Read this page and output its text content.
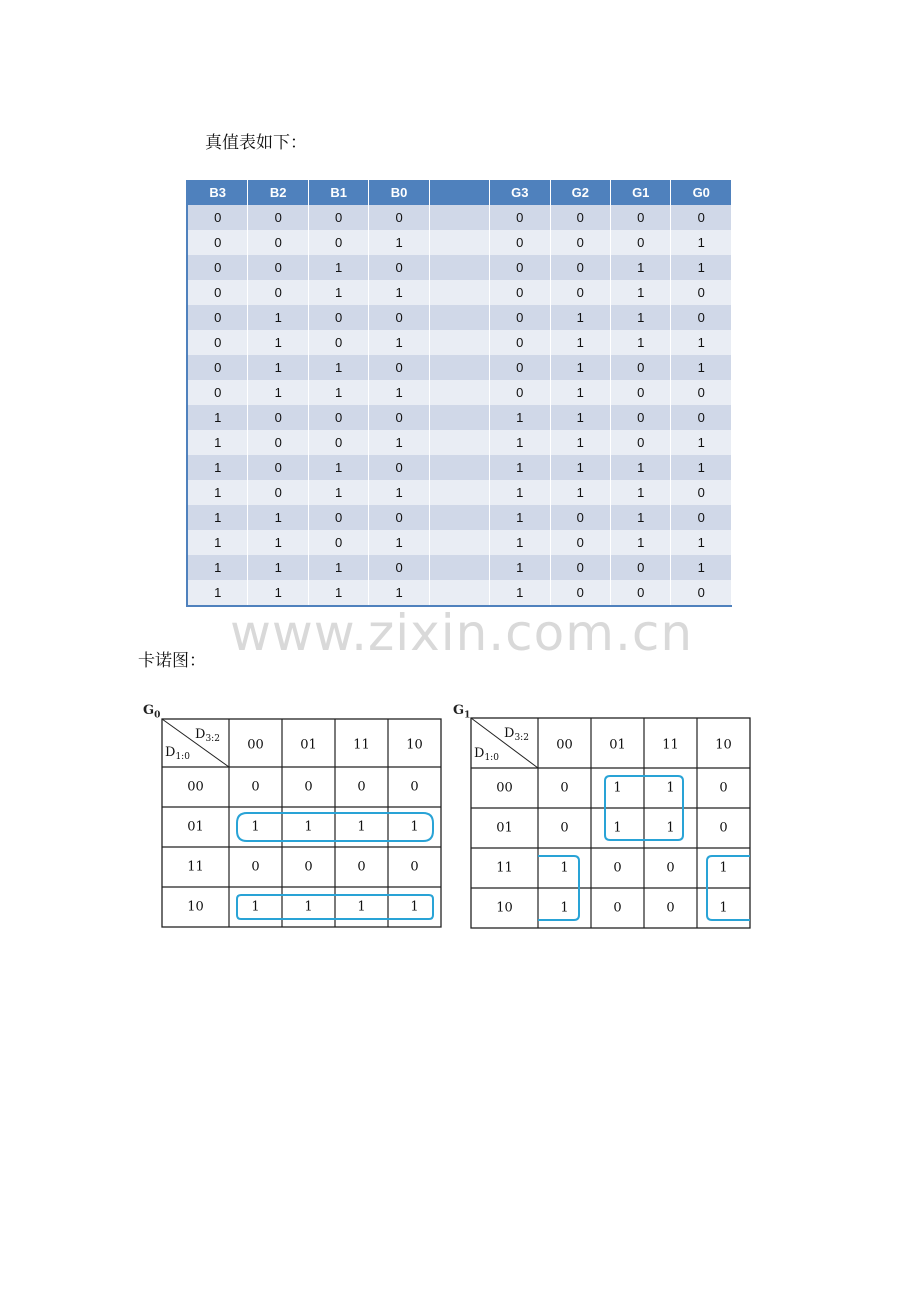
真值表如下：
B3	B2	B1	B0		G3	G2	G1	G0
0	0	0	0		0	0	0	0
0	0	0	1		0	0	0	1
0	0	1	0		0	0	1	1
0	0	1	1		0	0	1	0
0	1	0	0		0	1	1	0
0	1	0	1		0	1	1	1
0	1	1	0		0	1	0	1
0	1	1	1		0	1	0	0
1	0	0	0		1	1	0	0
1	0	0	1		1	1	0	1
1	0	1	0		1	1	1	1
1	0	1	1		1	1	1	0
1	1	0	0		1	0	1	0
1	1	0	1		1	0	1	1
1	1	1	0		1	0	0	1
1	1	1	1		1	0	0	0
www.zixin.com.cn
卡诺图：
$G_0$
$D_{3:2}$
$D_{1:0}$
00	01	11	10
00	0	0	0	0
01	1	1	1	1
11	0	0	0	0
10	1	1	1	1
$G_1$
$D_{3:2}$
$D_{1:0}$
00	01	11	10
00	0	1	1	0
01	0	1	1	0
11	1	0	0	1
10	1	0	0	1
